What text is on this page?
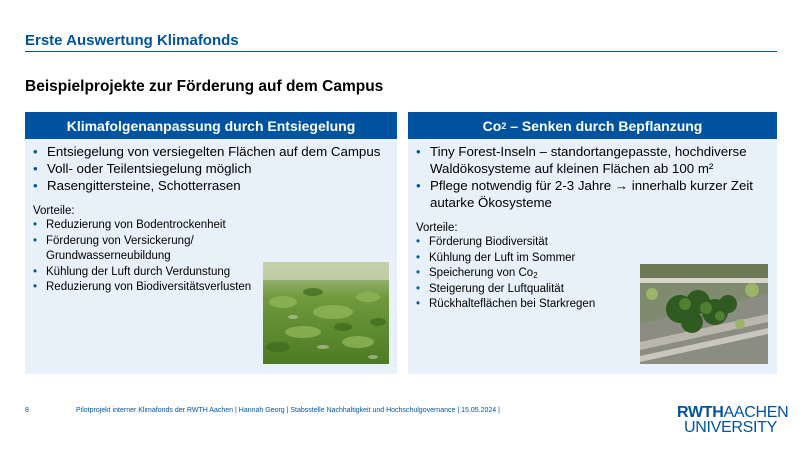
Erste Auswertung Klimafonds
Beispielprojekte zur Förderung auf dem Campus
Klimafolgenanpassung durch Entsiegelung
• Entsiegelung von versiegelten Flächen auf dem Campus
• Voll- oder Teilentsiegelung möglich
• Rasengittersteine, Schotterrasen
Vorteile:
• Reduzierung von Bodentrockenheit
• Förderung von Versickerung/ Grundwasserneubildung
• Kühlung der Luft durch Verdunstung
• Reduzierung von Biodiversitätsverlusten
Co 2 – Senken durch Bepflanzung
• Tiny Forest-Inseln – standortangepasste, hochdiverse Waldökosysteme auf kleinen Flächen ab 100 m²
• Pflege notwendig für 2-3 Jahre → innerhalb kurzer Zeit autarke Ökosysteme
Vorteile:
• Förderung Biodiversität
• Kühlung der Luft im Sommer
• Speicherung von $Co_2$
• Steigerung der Luftqualität
• Rückhalteflächen bei Starkregen
8	Pilotprojekt interner Klimafonds der RWTH Aachen | Hannah Georg | Stabsstelle Nachhaltigkeit und Hochschulgovernance | 15.05.2024 |	RWTHAACHEN
UNIVERSITY
